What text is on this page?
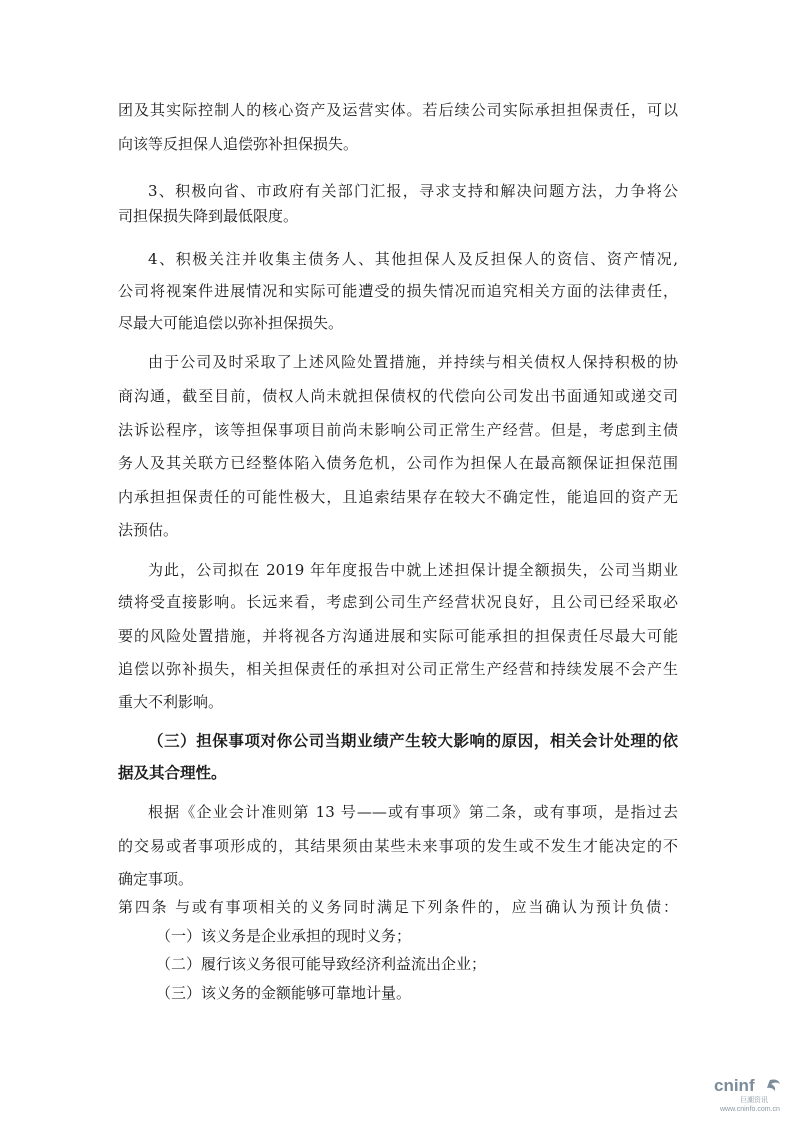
团及其实际控制人的核心资产及运营实体。若后续公司实际承担担保责任，可以
向该等反担保人追偿弥补担保损失。
3、积极向省、市政府有关部门汇报，寻求支持和解决问题方法，力争将公
司担保损失降到最低限度。
4、积极关注并收集主债务人、其他担保人及反担保人的资信、资产情况,
公司将视案件进展情况和实际可能遭受的损失情况而追究相关方面的法律责任，
尽最大可能追偿以弥补担保损失。
由于公司及时采取了上述风险处置措施，并持续与相关债权人保持积极的协
商沟通，截至目前，债权人尚未就担保债权的代偿向公司发出书面通知或递交司
法诉讼程序，该等担保事项目前尚未影响公司正常生产经营。但是，考虑到主债
务人及其关联方已经整体陷入债务危机，公司作为担保人在最高额保证担保范围
内承担担保责任的可能性极大，且追索结果存在较大不确定性，能追回的资产无
法预估。
为此，公司拟在 2019 年年度报告中就上述担保计提全额损失，公司当期业
绩将受直接影响。长远来看，考虑到公司生产经营状况良好，且公司已经采取必
要的风险处置措施，并将视各方沟通进展和实际可能承担的担保责任尽最大可能
追偿以弥补损失，相关担保责任的承担对公司正常生产经营和持续发展不会产生
重大不利影响。
（三）担保事项对你公司当期业绩产生较大影响的原因，相关会计处理的依
据及其合理性。
根据《企业会计准则第 13 号——或有事项》第二条，或有事项，是指过去
的交易或者事项形成的，其结果须由某些未来事项的发生或不发生才能决定的不
确定事项。
第四条 与或有事项相关的义务同时满足下列条件的，应当确认为预计负债：
（一）该义务是企业承担的现时义务；
（二）履行该义务很可能导致经济利益流出企业；
（三）该义务的金额能够可靠地计量。
cninf
巨潮资讯
www.cninfo.com.cn
